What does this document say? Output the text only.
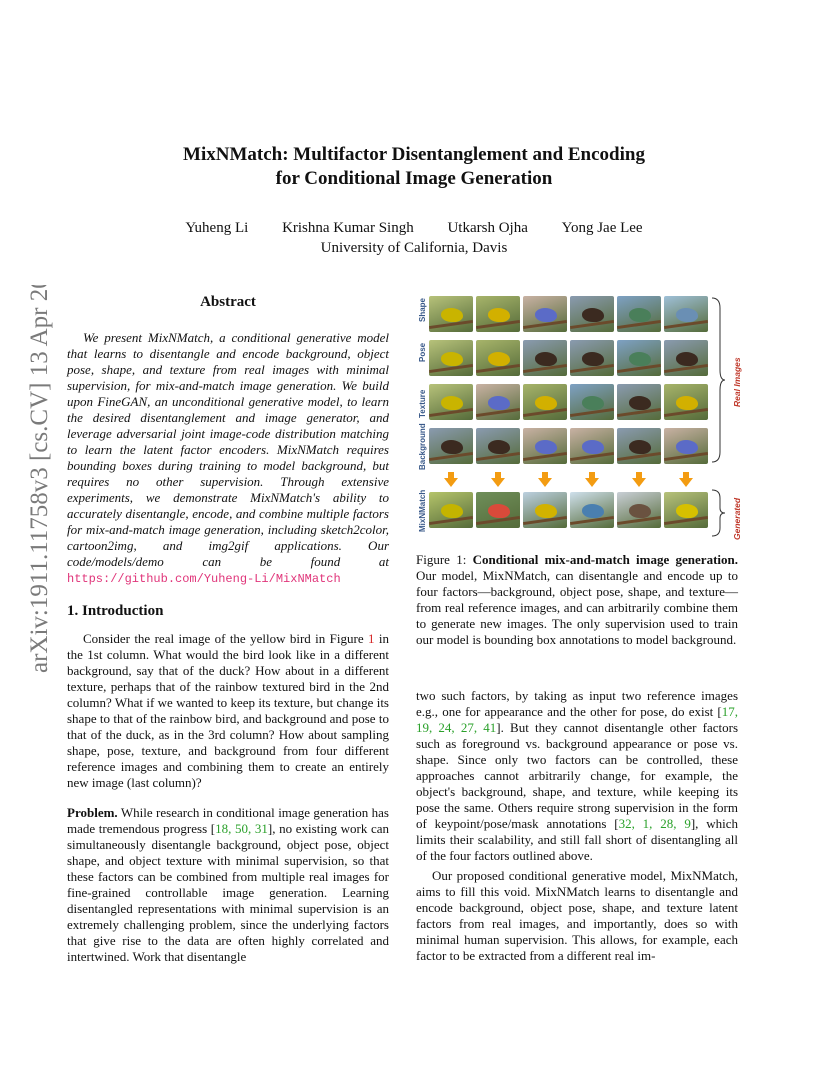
arXiv:1911.11758v3 [cs.CV] 13 Apr 2020
MixNMatch: Multifactor Disentanglement and Encoding
for Conditional Image Generation
Yuheng Li Krishna Kumar Singh Utkarsh Ojha Yong Jae Lee
University of California, Davis
Abstract
We present MixNMatch, a conditional generative model that learns to disentangle and encode background, object pose, shape, and texture from real images with minimal supervision, for mix-and-match image generation. We build upon FineGAN, an unconditional generative model, to learn the desired disentanglement and image generator, and leverage adversarial joint image-code distribution matching to learn the latent factor encoders. MixNMatch requires bounding boxes during training to model background, but requires no other supervision. Through extensive experiments, we demonstrate MixNMatch's ability to accurately disentangle, encode, and combine multiple factors for mix-and-match image generation, including sketch2color, cartoon2img, and img2gif applications. Our code/models/demo can be found at https://github.com/Yuheng-Li/MixNMatch
1. Introduction

Consider the real image of the yellow bird in Figure 1 in the 1st column. What would the bird look like in a different background, say that of the duck? How about in a different texture, perhaps that of the rainbow textured bird in the 2nd column? What if we wanted to keep its texture, but change its shape to that of the rainbow bird, and background and pose to that of the duck, as in the 3rd column? How about sampling shape, pose, texture, and background from four different reference images and combining them to create an entirely new image (last column)?

Problem. While research in conditional image generation has made tremendous progress [18, 50, 31], no existing work can simultaneously disentangle background, object pose, object shape, and object texture with minimal supervision, so that these factors can be combined from multiple real images for fine-grained controllable image generation. Learning disentangled representations with minimal supervision is an extremely challenging problem, since the underlying factors that give rise to the data are often highly correlated and intertwined. Work that disentangle

Shape
Pose
Texture
Background
MixNMatch
Real Images
Generated
Figure 1: Conditional mix-and-match image generation. Our model, MixNMatch, can disentangle and encode up to four factors—background, object pose, shape, and texture—from real reference images, and can arbitrarily combine them to generate new images. The only supervision used to train our model is bounding box annotations to model background.

two such factors, by taking as input two reference images e.g., one for appearance and the other for pose, do exist [17, 19, 24, 27, 41]. But they cannot disentangle other factors such as foreground vs. background appearance or pose vs. shape. Since only two factors can be controlled, these approaches cannot arbitrarily change, for example, the object's background, shape, and texture, while keeping its pose the same. Others require strong supervision in the form of keypoint/pose/mask annotations [32, 1, 28, 9], which limits their scalability, and still fall short of disentangling all of the four factors outlined above.

Our proposed conditional generative model, MixNMatch, aims to fill this void. MixNMatch learns to disentangle and encode background, object pose, shape, and texture latent factors from real images, and importantly, does so with minimal human supervision. This allows, for example, each factor to be extracted from a different real im-
